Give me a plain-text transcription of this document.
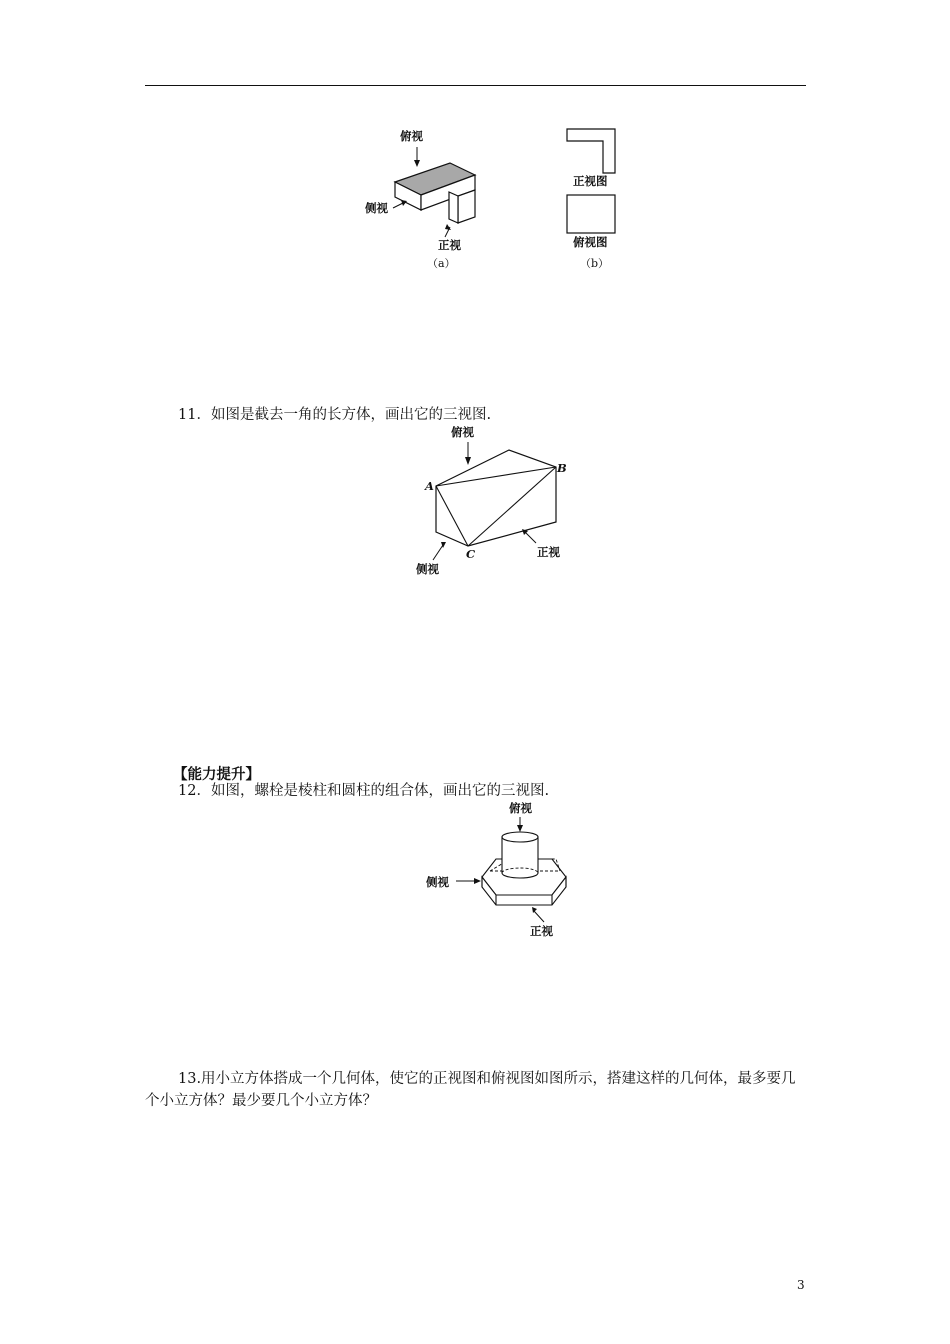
俯视
侧视
正视
（a）
正视图
俯视图
（b）
11．如图是截去一角的长方体，画出它的三视图.
俯视
A
B
C
侧视
正视
【能力提升】
12．如图，螺栓是棱柱和圆柱的组合体，画出它的三视图.
俯视
侧视
正视
13.用小立方体搭成一个几何体，使它的正视图和俯视图如图所示，搭建这样的几何体，最多要几个小立方体？最少要几个小立方体？
3
